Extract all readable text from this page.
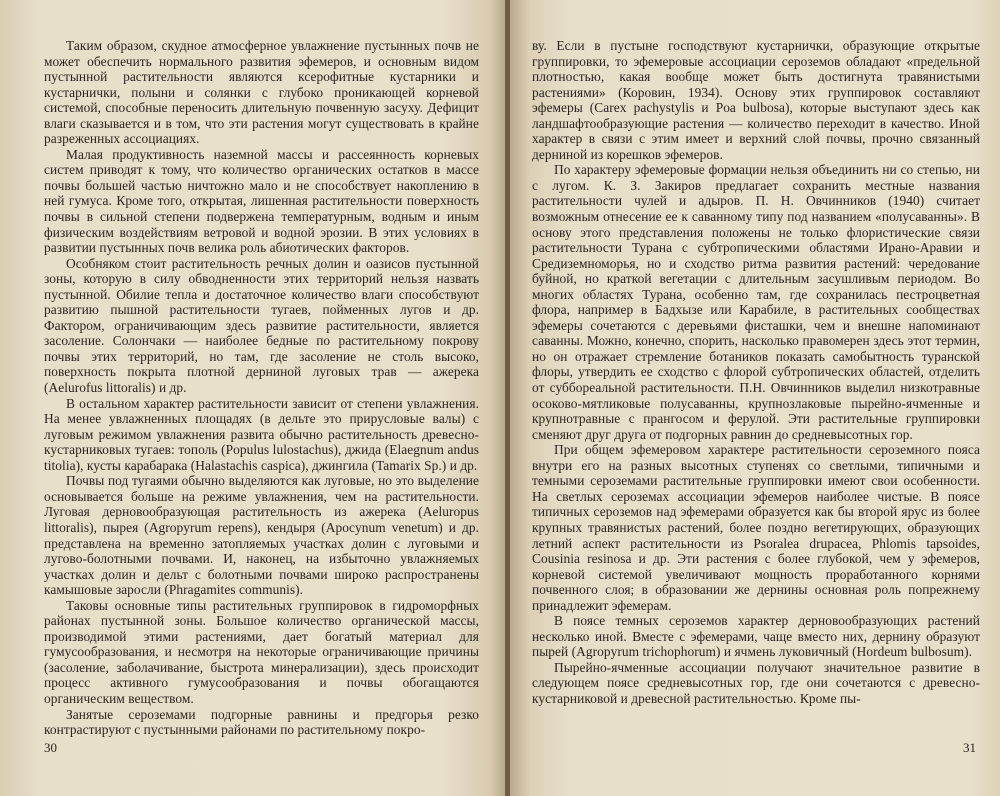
Таким образом, скудное атмосферное увлажнение пустынных почв не может обеспечить нормального развития эфемеров, и основным видом пустынной растительности являются ксерофитные кустарники и кустарнички, полыни и солянки с глубоко проникающей корневой системой, способные переносить длительную почвенную засуху. Дефицит влаги сказывается и в том, что эти растения могут существовать в крайне разреженных ассоциациях.

Малая продуктивность наземной массы и рассеянность корневых систем приводят к тому, что количество органических остатков в массе почвы большей частью ничтожно мало и не способствует накоплению в ней гумуса. Кроме того, открытая, лишенная растительности поверхность почвы в сильной степени подвержена температурным, водным и иным физическим воздействиям ветровой и водной эрозии. В этих условиях в развитии пустынных почв велика роль абиотических факторов.

Особняком стоит растительность речных долин и оазисов пустынной зоны, которую в силу обводненности этих территорий нельзя назвать пустынной. Обилие тепла и достаточное количество влаги способствуют развитию пышной растительности тугаев, пойменных лугов и др. Фактором, ограничивающим здесь развитие растительности, является засоление. Солончаки — наиболее бедные по растительному покрову почвы этих территорий, но там, где засоление не столь высоко, поверхность покрыта плотной дерниной луговых трав — ажерека (Aelurofus littoralis) и др.

В остальном характер растительности зависит от степени увлажнения. На менее увлажненных площадях (в дельте это прирусловые валы) с луговым режимом увлажнения развита обычно растительность древесно-кустарниковых тугаев: тополь (Populus lulostachus), джида (Elaegnum andus titolia), кусты карабарака (Halastachis caspica), джингила (Tamarix Sp.) и др.

Почвы под тугаями обычно выделяются как луговые, но это выделение основывается больше на режиме увлажнения, чем на растительности. Луговая дерновообразующая растительность из ажерека (Aeluropus littoralis), пырея (Agropyrum repens), кендыря (Apocynum venetum) и др. представлена на временно затопляемых участках долин с луговыми и лугово-болотными почвами. И, наконец, на избыточно увлажняемых участках долин и дельт с болотными почвами широко распространены камышовые заросли (Phragamites communis).

Таковы основные типы растительных группировок в гидроморфных районах пустынной зоны. Большое количество органической массы, производимой этими растениями, дает богатый материал для гумусообразования, и несмотря на некоторые ограничивающие причины (засоление, заболачивание, быстрота минерализации), здесь происходит процесс активного гумусообразования и почвы обогащаются органическим веществом.

Занятые сероземами подгорные равнины и предгорья резко контрастируют с пустынными районами по растительному покро-

30

ву. Если в пустыне господствуют кустарнички, образующие открытые группировки, то эфемеровые ассоциации сероземов обладают «предельной плотностью, какая вообще может быть достигнута травянистыми растениями» (Коровин, 1934). Основу этих группировок составляют эфемеры (Carex pachystylis и Poa bulbosa), которые выступают здесь как ландшафтообразующие растения — количество переходит в качество. Иной характер в связи с этим имеет и верхний слой почвы, прочно связанный дерниной из корешков эфемеров.

По характеру эфемеровые формации нельзя объединить ни со степью, ни с лугом. К. З. Закиров предлагает сохранить местные названия растительности чулей и адыров. П. Н. Овчинников (1940) считает возможным отнесение ее к саванному типу под названием «полусаванны». В основу этого представления положены не только флористические связи растительности Турана с субтропическими областями Ирано-Аравии и Средиземноморья, но и сходство ритма развития растений: чередование буйной, но краткой вегетации с длительным засушливым периодом. Во многих областях Турана, особенно там, где сохранилась пестроцветная флора, например в Бадхызе или Карабиле, в растительных сообществах эфемеры сочетаются с деревьями фисташки, чем и внешне напоминают саванны. Можно, конечно, спорить, насколько правомерен здесь этот термин, но он отражает стремление ботаников показать самобытность туранской флоры, утвердить ее сходство с флорой субтропических областей, отделить от суббореальной растительности. П.Н. Овчинников выделил низкотравные осоково-мятликовые полусаванны, крупнозлаковые пырейно-ячменные и крупнотравные с прангосом и ферулой. Эти растительные группировки сменяют друг друга от подгорных равнин до средневысотных гор.

При общем эфемеровом характере растительности сероземного пояса внутри его на разных высотных ступенях со светлыми, типичными и темными сероземами растительные группировки имеют свои особенности. На светлых сероземах ассоциации эфемеров наиболее чистые. В поясе типичных сероземов над эфемерами образуется как бы второй ярус из более крупных травянистых растений, более поздно вегетирующих, образующих летний аспект растительности из Psoralea drupacea, Phlomis tapsoides, Cousinia resinosa и др. Эти растения с более глубокой, чем у эфемеров, корневой системой увеличивают мощность проработанного корнями почвенного слоя; в образовании же дернины основная роль попрежнему принадлежит эфемерам.

В поясе темных сероземов характер дерновообразующих растений несколько иной. Вместе с эфемерами, чаще вместо них, дернину образуют пырей (Agropyrum trichophorum) и ячмень луковичный (Hordeum bulbosum).

Пырейно-ячменные ассоциации получают значительное развитие в следующем поясе средневысотных гор, где они сочетаются с древесно-кустарниковой и древесной растительностью. Кроме пы-

31
